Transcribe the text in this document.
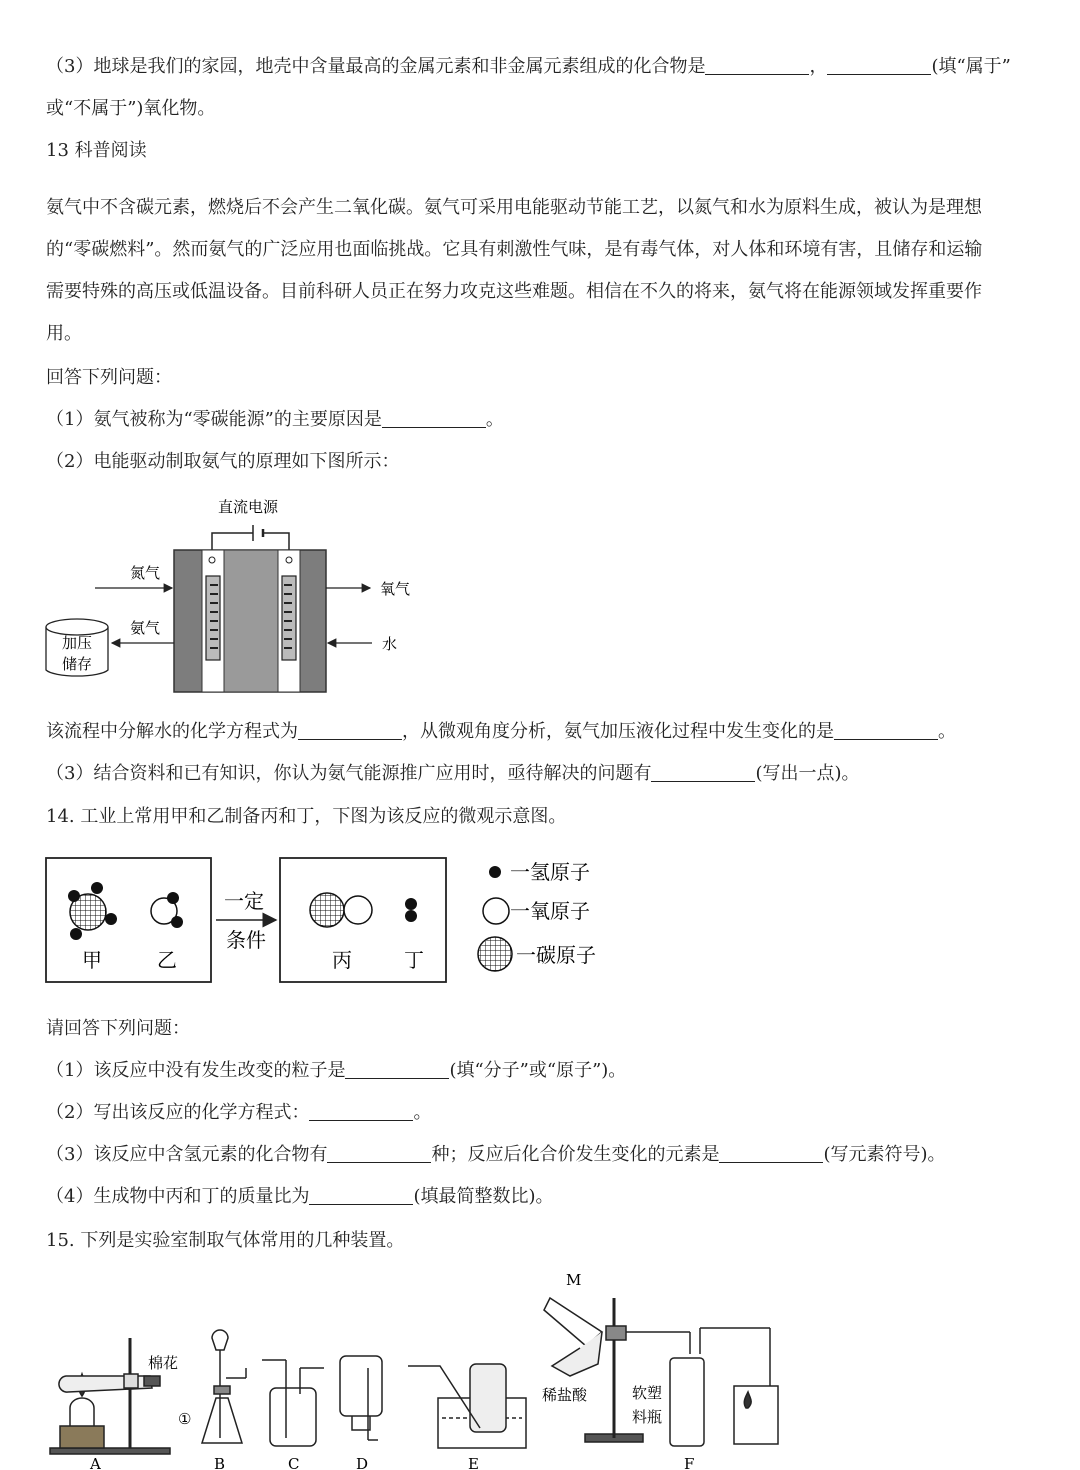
（3）地球是我们的家园，地壳中含量最高的金属元素和非金属元素组成的化合物是	，	(填“属于”
或“不属于”)氧化物。
13 科普阅读
氨气中不含碳元素，燃烧后不会产生二氧化碳。氨气可采用电能驱动节能工艺，以氮气和水为原料生成，被认为是理想
的“零碳燃料”。然而氨气的广泛应用也面临挑战。它具有刺激性气味，是有毒气体，对人体和环境有害，且储存和运输
需要特殊的高压或低温设备。目前科研人员正在努力攻克这些难题。相信在不久的将来，氨气将在能源领域发挥重要作
用。
回答下列问题：
（1）氨气被称为“零碳能源”的主要原因是	。
（2）电能驱动制取氨气的原理如下图所示：
直流电源
氮气
氨气
氧气
水
加压
储存
该流程中分解水的化学方程式为	，从微观角度分析，氨气加压液化过程中发生变化的是	。
（3）结合资料和已有知识，你认为氨气能源推广应用时，亟待解决的问题有	(写出一点)。
14. 工业上常用甲和乙制备丙和丁，下图为该反应的微观示意图。
甲	乙
一定
条件
丙	丁
一氢原子
一氧原子
一碳原子
请回答下列问题：
（1）该反应中没有发生改变的粒子是	(填“分子”或“原子”)。
（2）写出该反应的化学方程式：	。
（3）该反应中含氢元素的化合物有	种；反应后化合价发生变化的元素是	(写元素符号)。
（4）生成物中丙和丁的质量比为	(填最简整数比)。
15. 下列是实验室制取气体常用的几种装置。
棉花
①
M
稀盐酸	软塑
料瓶
A	B	C	D	E	F
